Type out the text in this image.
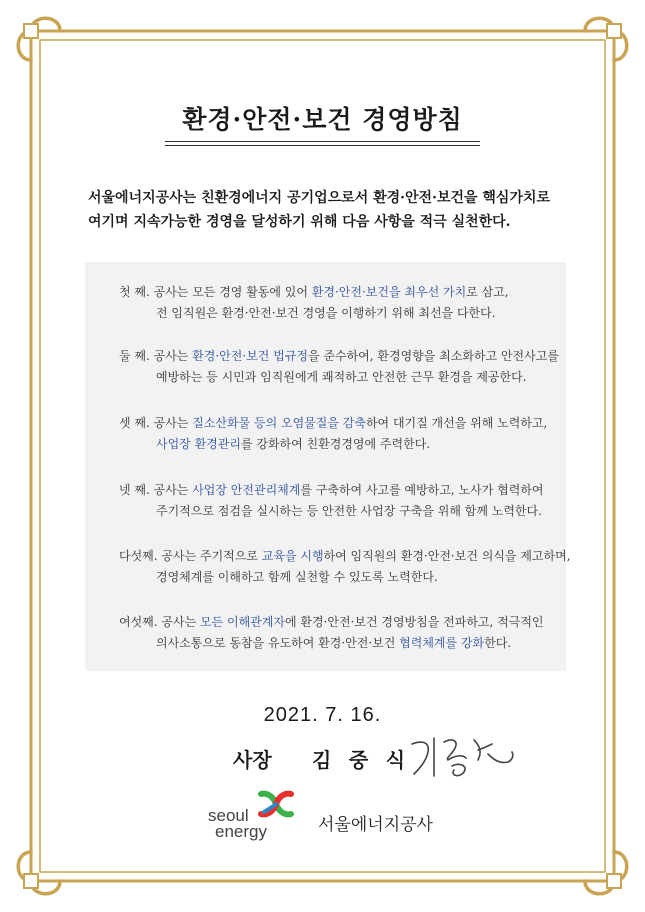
환경·안전·보건 경영방침

서울에너지공사는 친환경에너지 공기업으로서 환경·안전·보건을 핵심가치로

여기며 지속가능한 경영을 달성하기 위해 다음 사항을 적극 실천한다.

첫 째. 공사는 모든 경영 활동에 있어 환경·안전·보건을 최우선 가치로 삼고,
전 임직원은 환경·안전·보건 경영을 이행하기 위해 최선을 다한다.
둘 째. 공사는 환경·안전·보건 법규정을 준수하여, 환경영향을 최소화하고 안전사고를
예방하는 등 시민과 임직원에게 쾌적하고 안전한 근무 환경을 제공한다.
셋 째. 공사는 질소산화물 등의 오염물질을 감축하여 대기질 개선을 위해 노력하고,
사업장 환경관리를 강화하여 친환경경영에 주력한다.
넷 째. 공사는 사업장 안전관리체계를 구축하여 사고를 예방하고, 노사가 협력하여
주기적으로 점검을 실시하는 등 안전한 사업장 구축을 위해 함께 노력한다.
다섯째. 공사는 주기적으로 교육을 시행하여 임직원의 환경·안전·보건 의식을 제고하며,
경영체계를 이해하고 함께 실천할 수 있도록 노력한다.
여섯째. 공사는 모든 이해관계자에 환경·안전·보건 경영방침을 전파하고, 적극적인
의사소통으로 동참을 유도하여 환경·안전·보건 협력체계를 강화한다.
2021. 7. 16.
사장 김 중 식
seoul
energy	서울에너지공사
